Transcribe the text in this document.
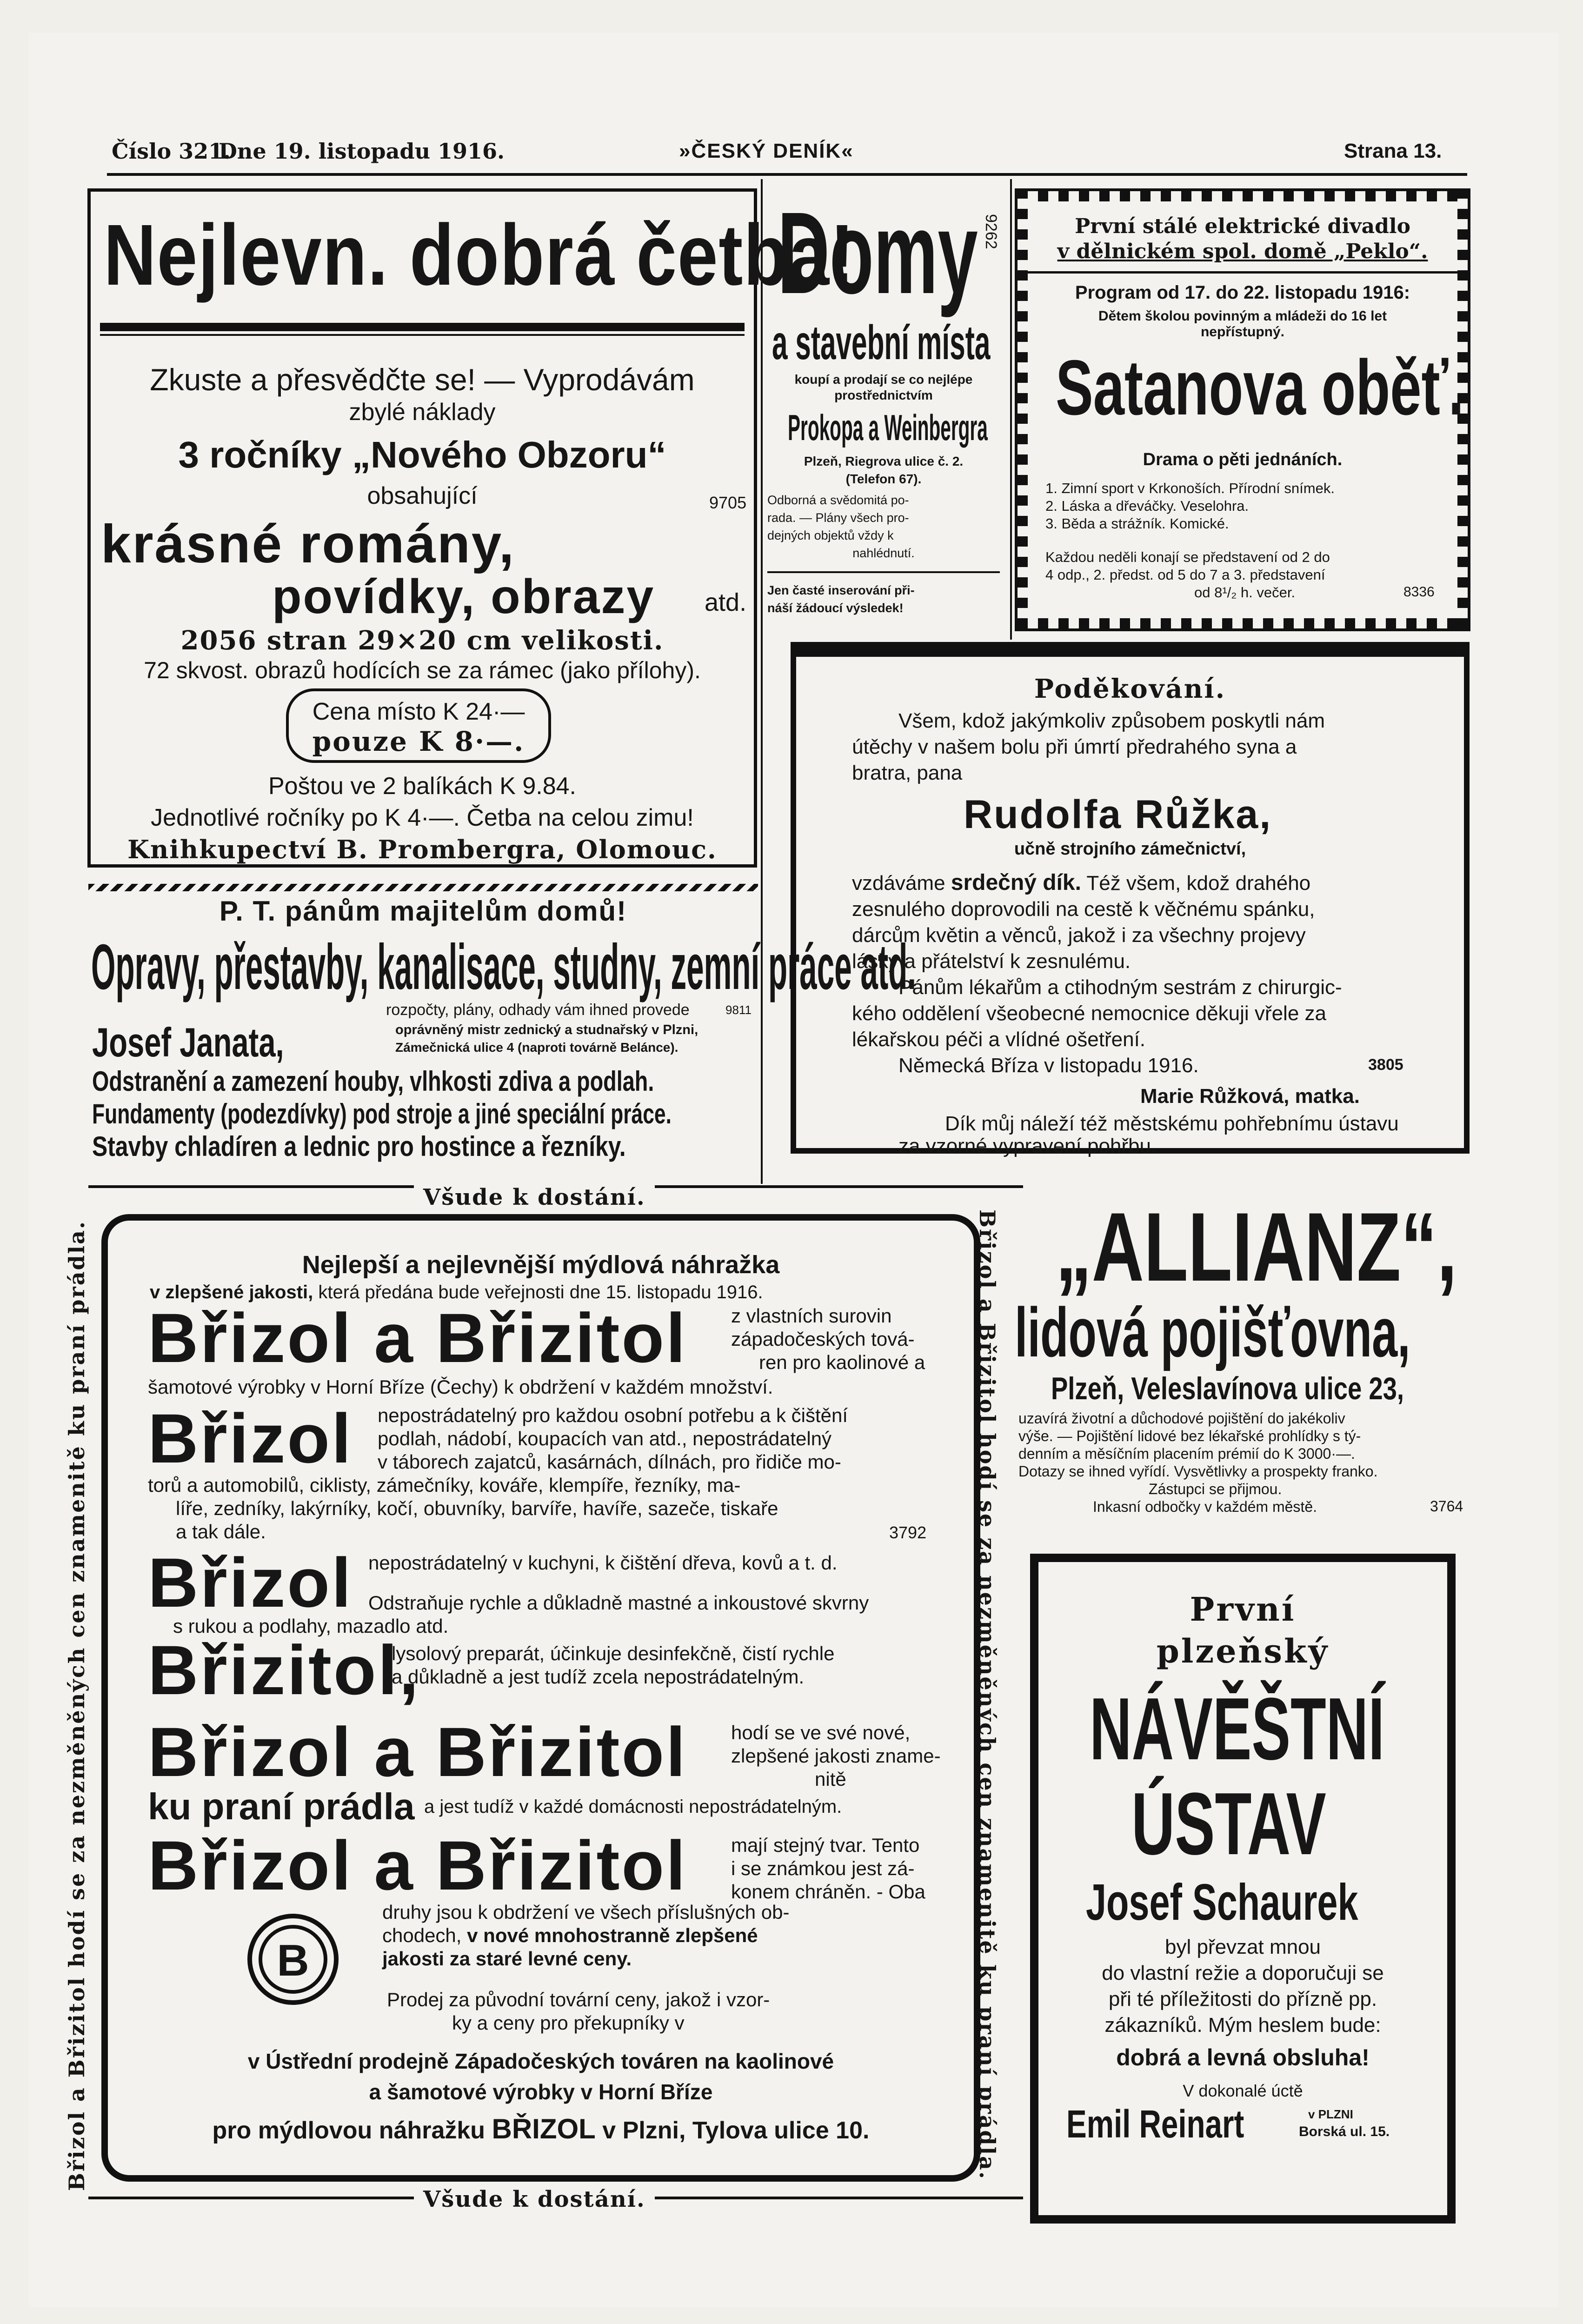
Číslo 321.
Dne 19. listopadu 1916.	»ČESKÝ DENÍK«	Strana 13.
Nejlevn. dobrá četba!
Zkuste a přesvědčte se! — Vyprodávám
zbylé náklady
3 ročníky „Nového Obzoru“
obsahující	9705
krásné romány,
povídky, obrazy atd.
2056 stran 29×20 cm velikosti.
72 skvost. obrazů hodících se za rámec (jako přílohy).
Cena místo K 24·—
pouze K 8·—.
Poštou ve 2 balíkách K 9.84.
Jednotlivé ročníky po K 4·—. Četba na celou zimu!
Knihkupectví B. Prombergra, Olomouc.
Domy 9262
a stavební místa
koupí a prodají se co nejlépe
prostřednictvím
Prokopa a Weinbergra
Plzeň, Riegrova ulice č. 2.
(Telefon 67).
Odborná a svědomitá po-
rada. — Plány všech pro-
dejných objektů vždy k
nahlédnutí.
Jen časté inserování při-
náší žádoucí výsledek!
První stálé elektrické divadlo
v dělnickém spol. domě „Peklo“.
Program od 17. do 22. listopadu 1916:
Dětem školou povinným a mládeži do 16 let
nepřístupný.
Satanova oběť.
Drama o pěti jednáních.
1. Zimní sport v Krkonoších. Přírodní snímek.
2. Láska a dřeváčky. Veselohra.
3. Běda a strážník. Komické.
Každou neděli konají se představení od 2 do
4 odp., 2. předst. od 5 do 7 a 3. představení
od 8¹/₂ h. večer.	8336
P. T. pánům majitelům domů!
Opravy, přestavby, kanalisace, studny, zemní práce atd.
rozpočty, plány, odhady vám ihned provede	9811
Josef Janata,	oprávněný mistr zednický a studnařský v Plzni,
Zámečnická ulice 4 (naproti továrně Belánce).
Odstranění a zamezení houby, vlhkosti zdiva a podlah.
Fundamenty (podezdívky) pod stroje a jiné speciální práce.
Stavby chladíren a lednic pro hostince a řezníky.
Poděkování.
Všem, kdož jakýmkoliv způsobem poskytli nám
útěchy v našem bolu při úmrtí předrahého syna a
bratra, pana
Rudolfa Růžka,
učně strojního zámečnictví,
vzdáváme srdečný dík. Též všem, kdož drahého
zesnulého doprovodili na cestě k věčnému spánku,
dárcům květin a věnců, jakož i za všechny projevy
lásky a přátelství k zesnulému.
Pánům lékařům a ctihodným sestrám z chirurgic-
kého oddělení všeobecné nemocnice děkuji vřele za
lékařskou péči a vlídné ošetření.
Německá Bříza v listopadu 1916.	3805
Marie Růžková, matka.
Dík můj náleží též městskému pohřebnímu ústavu
za vzorné vypravení pohřbu.
Všude k dostání.
Všude k dostání.
Břizol a Břizitol hodí se za nezměněných cen znamenitě ku praní prádla.	Břizol a Břizitol hodí se za nezměněných cen znamenitě ku praní prádla.
Nejlepší a nejlevnější mýdlová náhražka
v zlepšené jakosti, která předána bude veřejnosti dne 15. listopadu 1916.
Břizol a Břizitol z vlastních surovin
západočeských tová-
ren pro kaolinové a
šamotové výrobky v Horní Bříze (Čechy) k obdržení v každém množství.
Břizol nepostrádatelný pro každou osobní potřebu a k čištění
podlah, nádobí, koupacích van atd., nepostrádatelný
v táborech zajatců, kasárnách, dílnách, pro řidiče mo-
torů a automobilů, ciklisty, zámečníky, kováře, klempíře, řezníky, ma-
líře, zedníky, lakýrníky, kočí, obuvníky, barvíře, havíře, sazeče, tiskaře
a tak dále.	3792
Břizol nepostrádatelný v kuchyni, k čištění dřeva, kovů a t. d.
Odstraňuje rychle a důkladně mastné a inkoustové skvrny
s rukou a podlahy, mazadlo atd.
Břizitol,
lysolový preparát, účinkuje desinfekčně, čistí rychle
a důkladně a jest tudíž zcela nepostrádatelným.
Břizol a Břizitol hodí se ve své nové,
zlepšené jakosti zname-
nitě
ku praní prádla a jest tudíž v každé domácnosti nepostrádatelným.
Břizol a Břizitol mají stejný tvar. Tento
i se známkou jest zá-
konem chráněn. - Oba
B
druhy jsou k obdržení ve všech příslušných ob-
chodech, v nové mnohostranně zlepšené
jakosti za staré levné ceny.
Prodej za původní tovární ceny, jakož i vzor-
ky a ceny pro překupníky v
v Ústřední prodejně Západočeských továren na kaolinové
a šamotové výrobky v Horní Bříze
pro mýdlovou náhražku BŘIZOL v Plzni, Tylova ulice 10.
„ALLIANZ“,
lidová pojišťovna,
Plzeň, Veleslavínova ulice 23,
uzavírá životní a důchodové pojištění do jakékoliv
výše. — Pojištění lidové bez lékařské prohlídky s tý-
denním a měsíčním placením prémií do K 3000·—.
Dotazy se ihned vyřídí. Vysvětlivky a prospekty franko.
Zástupci se přijmou.
Inkasní odbočky v každém městě.	3764
První
plzeňský
NÁVĚŠTNÍ
ÚSTAV
Josef Schaurek
byl převzat mnou
do vlastní režie a doporučuji se
při té příležitosti do přízně pp.
zákazníků. Mým heslem bude:
dobrá a levná obsluha!
V dokonalé úctě
Emil Reinart	v PLZNI
Borská ul. 15.
